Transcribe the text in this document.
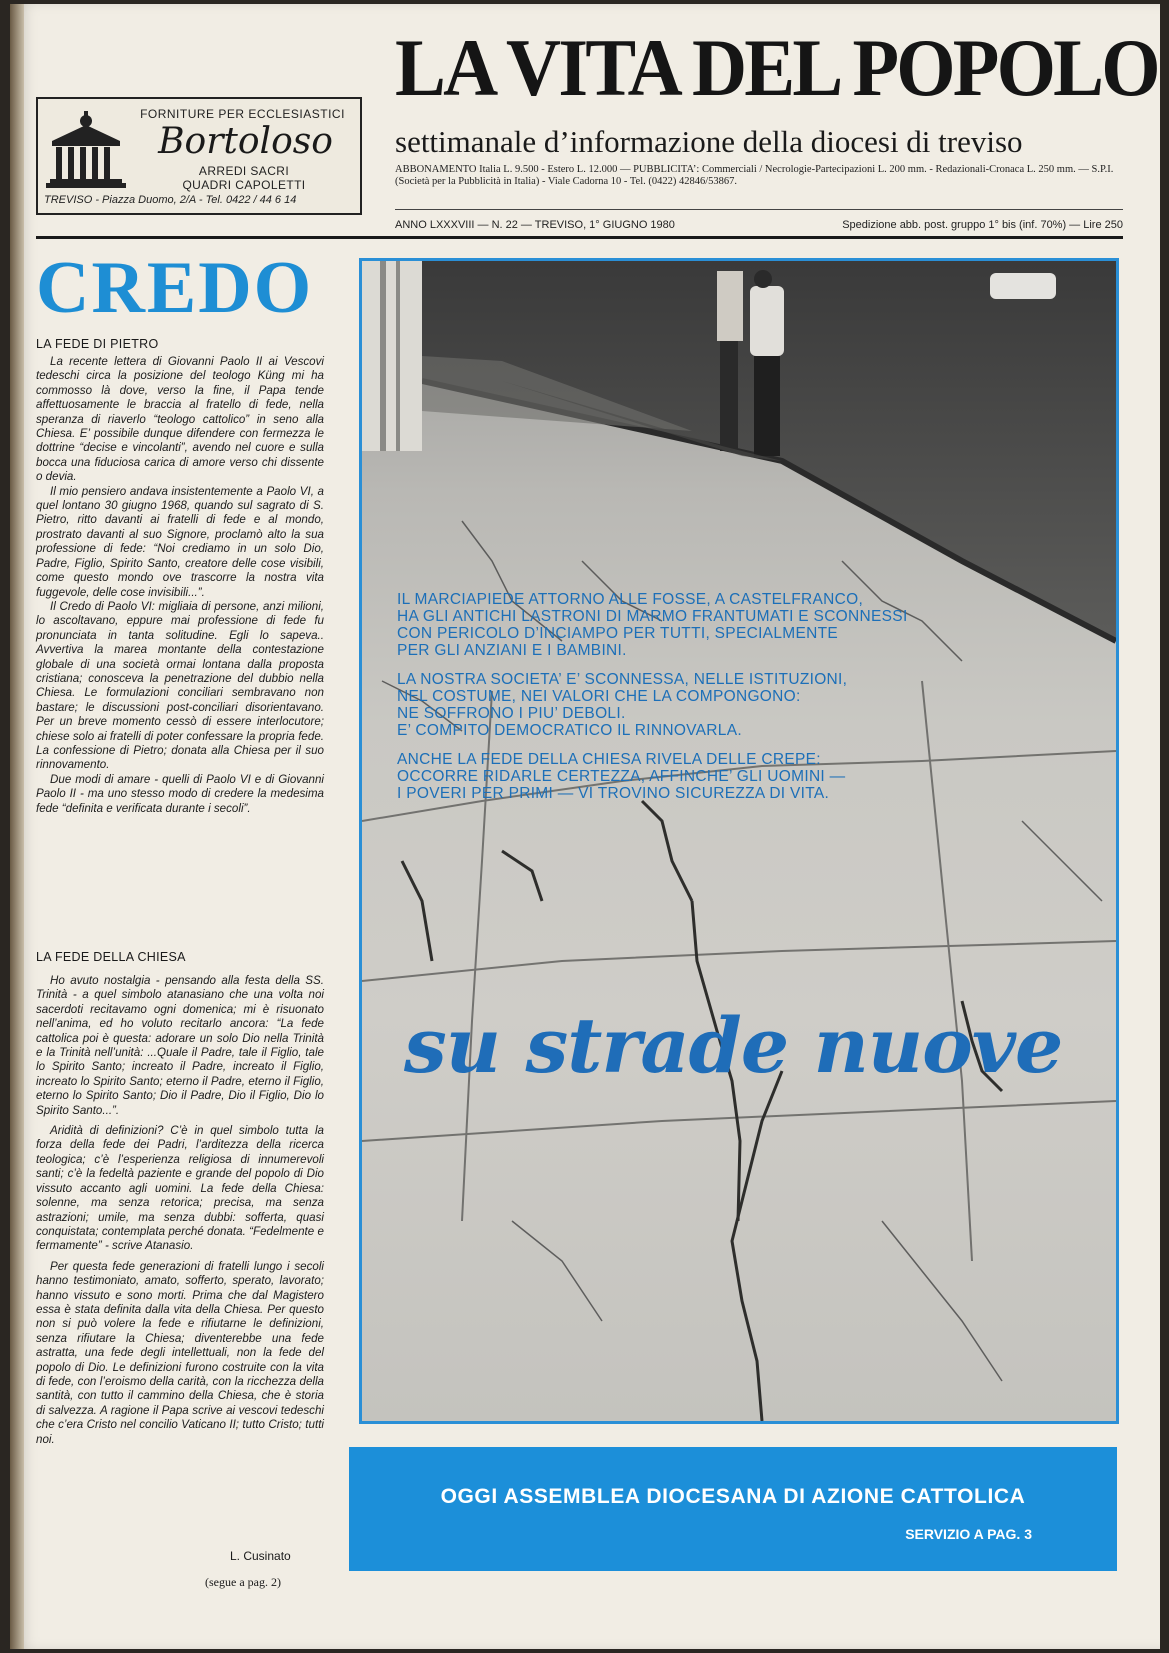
FORNITURE PER ECCLESIASTICI
Bortoloso
ARREDI SACRI
QUADRI CAPOLETTI
TREVISO - Piazza Duomo, 2/A - Tel. 0422 / 44 6 14
LA VITA DEL POPOLO
settimanale d’informazione della diocesi di treviso
ABBONAMENTO Italia L. 9.500 - Estero L. 12.000 — PUBBLICITA’: Commerciali / Necrologie-Partecipazioni L. 200 mm. - Redazionali-Cronaca L. 250 mm. — S.P.I. (Società per la Pubblicità in Italia) - Viale Cadorna 10 - Tel. (0422) 42846/53867.
ANNO LXXXVIII — N. 22 — TREVISO, 1° GIUGNO 1980	Spedizione abb. post. gruppo 1° bis (inf. 70%) — Lire 250
CREDO
LA FEDE DI PIETRO

La recente lettera di Giovanni Paolo II ai Vescovi tedeschi circa la posizione del teologo Küng mi ha commosso là dove, verso la fine, il Papa tende affettuosamente le braccia al fratello di fede, nella speranza di riaverlo “teologo cattolico” in seno alla Chiesa. E’ possibile dunque difendere con fermezza le dottrine “decise e vincolanti”, avendo nel cuore e sulla bocca una fiduciosa carica di amore verso chi dissente o devia.

Il mio pensiero andava insistentemente a Paolo VI, a quel lontano 30 giugno 1968, quando sul sagrato di S. Pietro, ritto davanti ai fratelli di fede e al mondo, prostrato davanti al suo Signore, proclamò alto la sua professione di fede: “Noi crediamo in un solo Dio, Padre, Figlio, Spirito Santo, creatore delle cose visibili, come questo mondo ove trascorre la nostra vita fuggevole, delle cose invisibili...”.

Il Credo di Paolo VI: migliaia di persone, anzi milioni, lo ascoltavano, eppure mai professione di fede fu pronunciata in tanta solitudine. Egli lo sapeva.. Avvertiva la marea montante della contestazione globale di una società ormai lontana dalla proposta cristiana; conosceva la penetrazione del dubbio nella Chiesa. Le formulazioni conciliari sembravano non bastare; le discussioni post-conciliari disorientavano. Per un breve momento cessò di essere interlocutore; chiese solo ai fratelli di poter confessare la propria fede. La confessione di Pietro; donata alla Chiesa per il suo rinnovamento.

Due modi di amare - quelli di Paolo VI e di Giovanni Paolo II - ma uno stesso modo di credere la medesima fede “definita e verificata durante i secoli”.

LA FEDE DELLA CHIESA

Ho avuto nostalgia - pensando alla festa della SS. Trinità - a quel simbolo atanasiano che una volta noi sacerdoti recitavamo ogni domenica; mi è risuonato nell’anima, ed ho voluto recitarlo ancora: “La fede cattolica poi è questa: adorare un solo Dio nella Trinità e la Trinità nell’unità: ...Quale il Padre, tale il Figlio, tale lo Spirito Santo; increato il Padre, increato il Figlio, increato lo Spirito Santo; eterno il Padre, eterno il Figlio, eterno lo Spirito Santo; Dio il Padre, Dio il Figlio, Dio lo Spirito Santo...”.

Aridità di definizioni? C’è in quel simbolo tutta la forza della fede dei Padri, l’arditezza della ricerca teologica; c’è l’esperienza religiosa di innumerevoli santi; c’è la fedeltà paziente e grande del popolo di Dio vissuto accanto agli uomini. La fede della Chiesa: solenne, ma senza retorica; precisa, ma senza astrazioni; umile, ma senza dubbi: sofferta, quasi conquistata; contemplata perché donata. “Fedelmente e fermamente” - scrive Atanasio.

Per questa fede generazioni di fratelli lungo i secoli hanno testimoniato, amato, sofferto, sperato, lavorato; hanno vissuto e sono morti. Prima che dal Magistero essa è stata definita dalla vita della Chiesa. Per questo non si può volere la fede e rifiutarne le definizioni, senza rifiutare la Chiesa; diventerebbe una fede astratta, una fede degli intellettuali, non la fede del popolo di Dio. Le definizioni furono costruite con la vita di fede, con l’eroismo della carità, con la ricchezza della santità, con tutto il cammino della Chiesa, che è storia di salvezza. A ragione il Papa scrive ai vescovi tedeschi che c’era Cristo nel concilio Vaticano II; tutto Cristo; tutti noi.

L. Cusinato
(segue a pag. 2)

IL MARCIAPIEDE ATTORNO ALLE FOSSE, A CASTELFRANCO,
HA GLI ANTICHI LASTRONI DI MARMO FRANTUMATI E SCONNESSI
CON PERICOLO D’INCIAMPO PER TUTTI, SPECIALMENTE
PER GLI ANZIANI E I BAMBINI.

LA NOSTRA SOCIETA’ E’ SCONNESSA, NELLE ISTITUZIONI,
NEL COSTUME, NEI VALORI CHE LA COMPONGONO:
NE SOFFRONO I PIU’ DEBOLI.
E’ COMPITO DEMOCRATICO IL RINNOVARLA.

ANCHE LA FEDE DELLA CHIESA RIVELA DELLE CREPE:
OCCORRE RIDARLE CERTEZZA, AFFINCHE’ GLI UOMINI —
I POVERI PER PRIMI — VI TROVINO SICUREZZA DI VITA.

su strade nuove
OGGI ASSEMBLEA DIOCESANA DI AZIONE CATTOLICA
SERVIZIO A PAG. 3
